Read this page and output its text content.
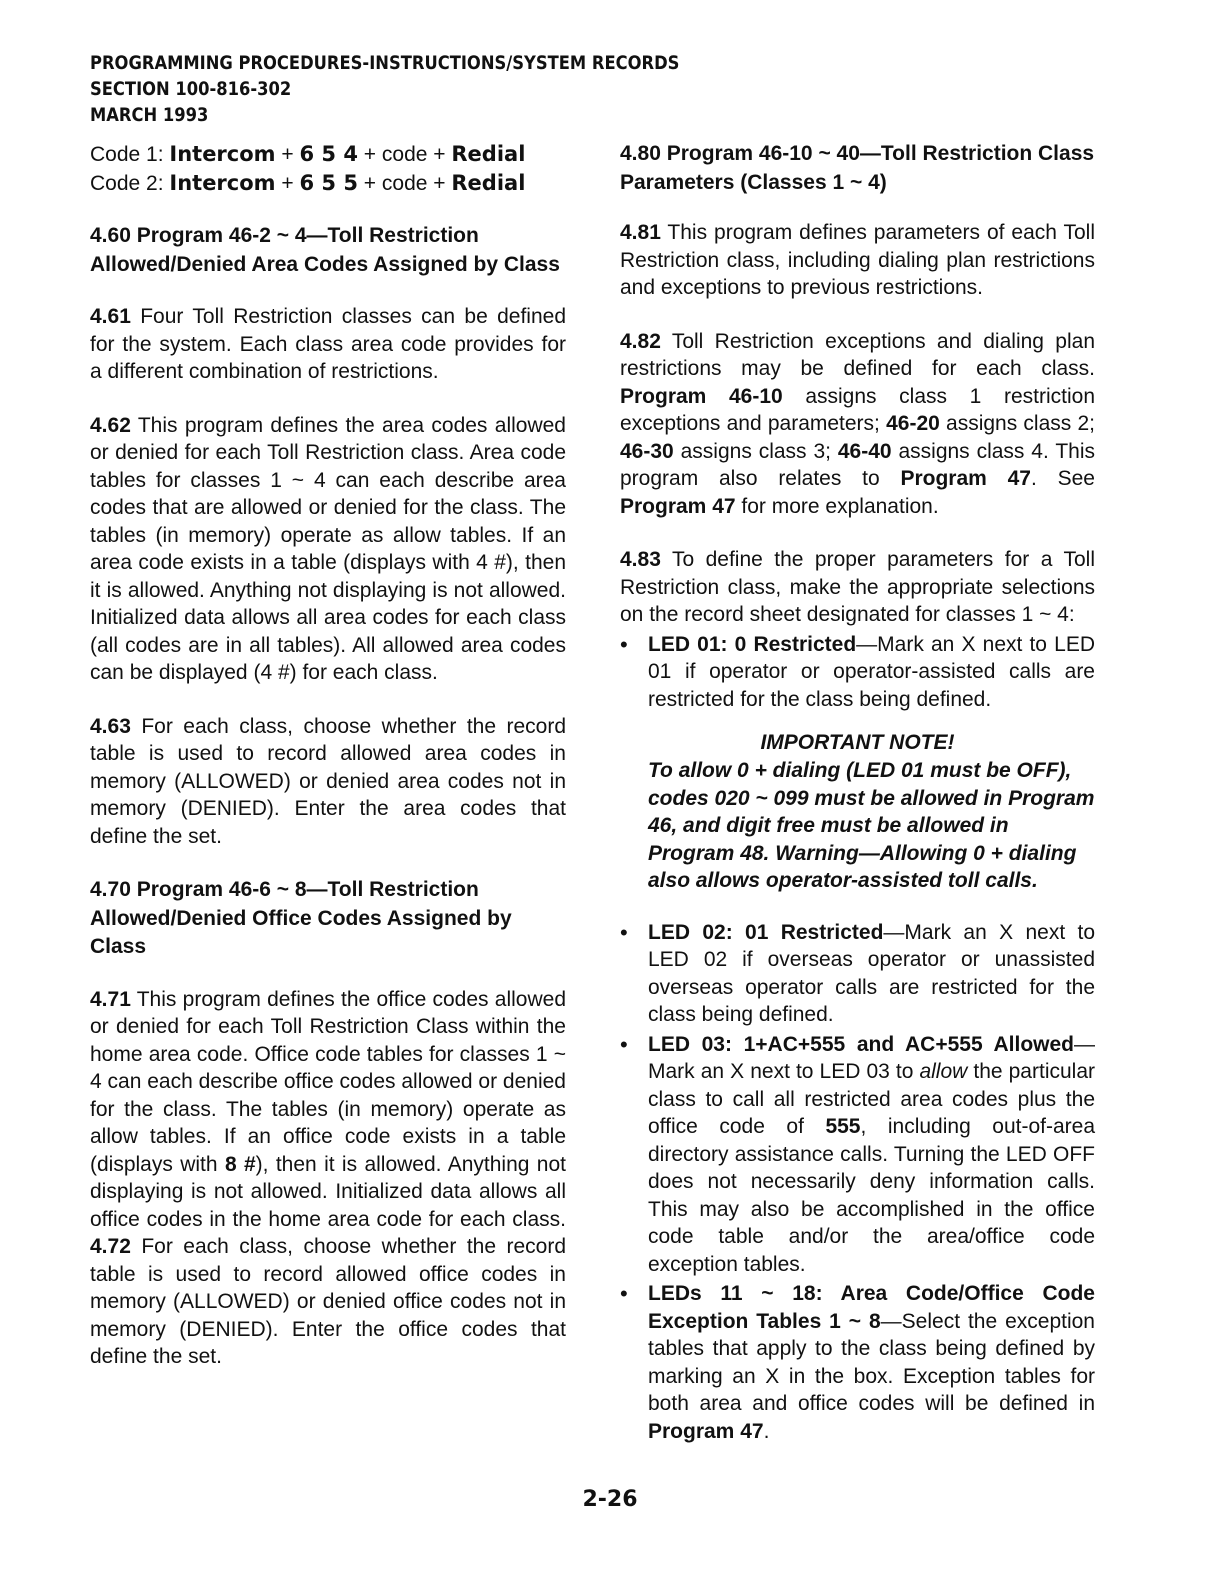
PROGRAMMING PROCEDURES-INSTRUCTIONS/SYSTEM RECORDS
SECTION 100-816-302
MARCH 1993
Code 1: Intercom + 6 5 4 + code + Redial
Code 2: Intercom + 6 5 5 + code + Redial
4.60 Program 46-2 ~ 4—Toll Restriction Allowed/Denied Area Codes Assigned by Class

4.61 Four Toll Restriction classes can be defined for the system. Each class area code provides for a different combination of restrictions.

4.62 This program defines the area codes allowed or denied for each Toll Restriction class. Area code tables for classes 1 ~ 4 can each describe area codes that are allowed or denied for the class. The tables (in memory) operate as allow tables. If an area code exists in a table (displays with 4 #), then it is allowed. Anything not displaying is not allowed. Initialized data allows all area codes for each class (all codes are in all tables). All allowed area codes can be displayed (4 #) for each class.

4.63 For each class, choose whether the record table is used to record allowed area codes in memory (ALLOWED) or denied area codes not in memory (DENIED). Enter the area codes that define the set.

4.70 Program 46-6 ~ 8—Toll Restriction Allowed/Denied Office Codes Assigned by Class

4.71 This program defines the office codes allowed or denied for each Toll Restriction Class within the home area code. Office code tables for classes 1 ~ 4 can each describe office codes allowed or denied for the class. The tables (in memory) operate as allow tables. If an office code exists in a table (displays with 8 #), then it is allowed. Anything not displaying is not allowed. Initialized data allows all office codes in the home area code for each class. 4.72 For each class, choose whether the record table is used to record allowed office codes in memory (ALLOWED) or denied office codes not in memory (DENIED). Enter the office codes that define the set.

4.80 Program 46-10 ~ 40—Toll Restriction Class Parameters (Classes 1 ~ 4)

4.81 This program defines parameters of each Toll Restriction class, including dialing plan restrictions and exceptions to previous restrictions.

4.82 Toll Restriction exceptions and dialing plan restrictions may be defined for each class. Program 46-10 assigns class 1 restriction exceptions and parameters; 46-20 assigns class 2; 46-30 assigns class 3; 46-40 assigns class 4. This program also relates to Program 47. See Program 47 for more explanation.

4.83 To define the proper parameters for a Toll Restriction class, make the appropriate selections on the record sheet designated for classes 1 ~ 4:

• LED 01: 0 Restricted—Mark an X next to LED 01 if operator or operator-assisted calls are restricted for the class being defined.
IMPORTANT NOTE!
To allow 0 + dialing (LED 01 must be OFF), codes 020 ~ 099 must be allowed in Program 46, and digit free must be allowed in Program 48. Warning—Allowing 0 + dialing also allows operator-assisted toll calls.
• LED 02: 01 Restricted—Mark an X next to LED 02 if overseas operator or unassisted overseas operator calls are restricted for the class being defined.
• LED 03: 1+AC+555 and AC+555 Allowed— Mark an X next to LED 03 to allow the particular class to call all restricted area codes plus the office code of 555, including out-of-area directory assistance calls. Turning the LED OFF does not necessarily deny information calls. This may also be accomplished in the office code table and/or the area/office code exception tables.
• LEDs 11 ~ 18: Area Code/Office Code Exception Tables 1 ~ 8—Select the exception tables that apply to the class being defined by marking an X in the box. Exception tables for both area and office codes will be defined in Program 47.
2-26
